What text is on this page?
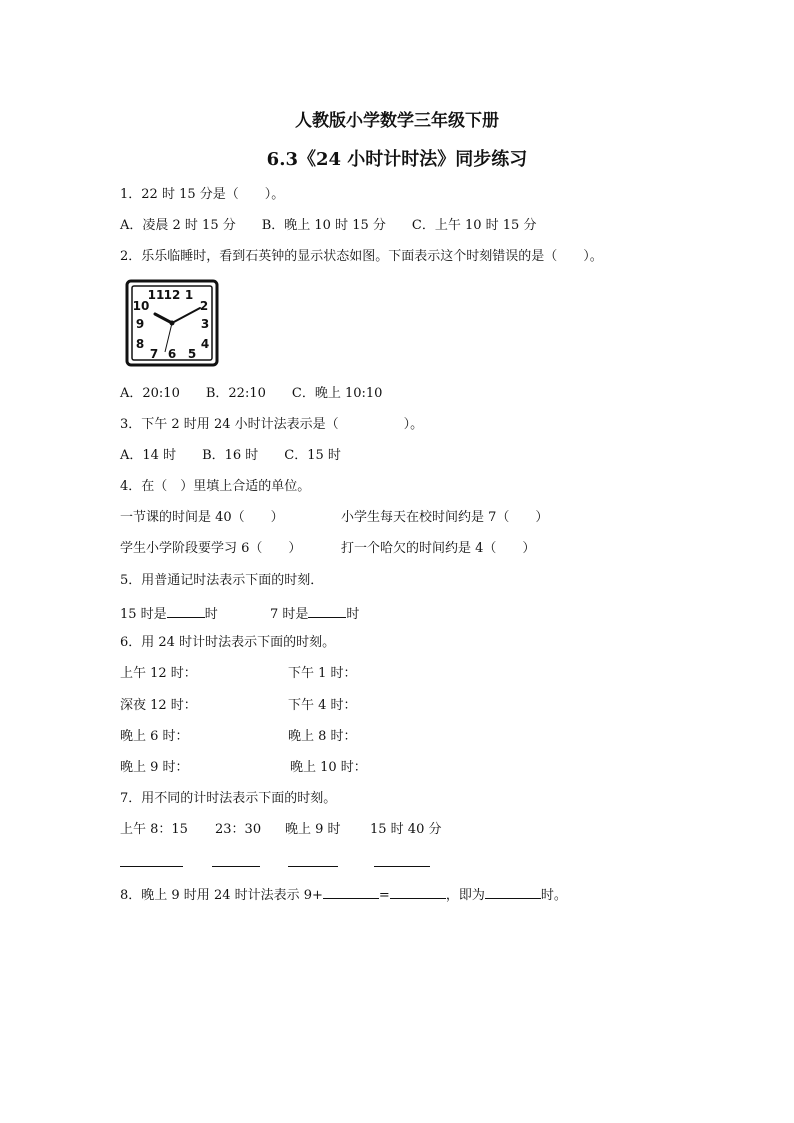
人教版小学数学三年级下册
6.3《24 小时计时法》同步练习
1．22 时 15 分是（　　）。
A．凌晨 2 时 15 分　　B．晚上 10 时 15 分　　C．上午 10 时 15 分
2．乐乐临睡时，看到石英钟的显示状态如图。下面表示这个时刻错误的是（　　）。
12 1
2
3
4
5
6
7
8
9
10
11
A．20:10　　B．22:10　　C．晚上 10:10
3．下午 2 时用 24 小时计法表示是（　　　　　）。
A．14 时　　B．16 时　　C．15 时
4．在（　）里填上合适的单位。
一节课的时间是 40（　　）	小学生每天在校时间约是 7（　　）
学生小学阶段要学习 6（　　）	打一个哈欠的时间约是 4（　　）
5．用普通记时法表示下面的时刻．
15 时是	时	7 时是	时
6．用 24 时计时法表示下面的时刻。
上午 12 时：	下午 1 时：
深夜 12 时：	下午 4 时：
晚上 6 时：	晚上 8 时：
晚上 9 时：	晚上 10 时：
7．用不同的计时法表示下面的时刻。
上午 8：15 23：30 晚上 9 时 15 时 40 分
8．晚上 9 时用 24 时计法表示 9+	=	，即为	时。
